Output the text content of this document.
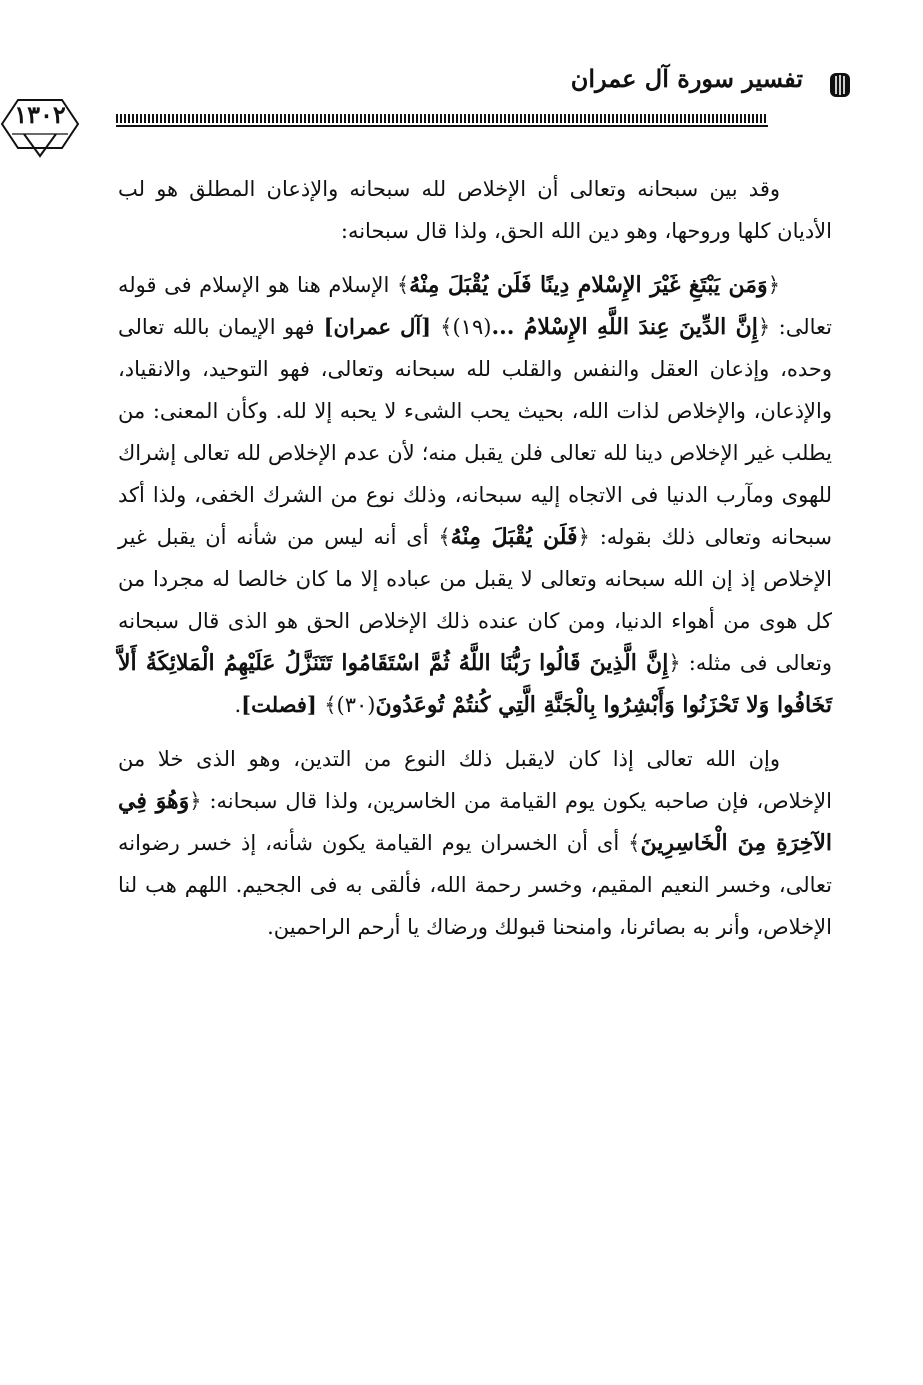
تفسير سورة آل عمران
١٣٠٢

وقد بين سبحانه وتعالى أن الإخلاص لله سبحانه والإذعان المطلق هو لب الأديان كلها وروحها، وهو دين الله الحق، ولذا قال سبحانه:

﴿وَمَن يَبْتَغِ غَيْرَ الإِسْلامِ دِينًا فَلَن يُقْبَلَ مِنْهُ﴾ الإسلام هنا هو الإسلام فى قوله تعالى: ﴿إِنَّ الدِّينَ عِندَ اللَّهِ الإِسْلامُ ...(١٩)﴾ [آل عمران] فهو الإيمان بالله تعالى وحده، وإذعان العقل والنفس والقلب لله سبحانه وتعالى، فهو التوحيد، والانقياد، والإذعان، والإخلاص لذات الله، بحيث يحب الشىء لا يحبه إلا لله. وكأن المعنى: من يطلب غير الإخلاص دينا لله تعالى فلن يقبل منه؛ لأن عدم الإخلاص لله تعالى إشراك للهوى ومآرب الدنيا فى الاتجاه إليه سبحانه، وذلك نوع من الشرك الخفى، ولذا أكد سبحانه وتعالى ذلك بقوله: ﴿فَلَن يُقْبَلَ مِنْهُ﴾ أى أنه ليس من شأنه أن يقبل غير الإخلاص إذ إن الله سبحانه وتعالى لا يقبل من عباده إلا ما كان خالصا له مجردا من كل هوى من أهواء الدنيا، ومن كان عنده ذلك الإخلاص الحق هو الذى قال سبحانه وتعالى فى مثله: ﴿إِنَّ الَّذِينَ قَالُوا رَبُّنَا اللَّهُ ثُمَّ اسْتَقَامُوا تَتَنَزَّلُ عَلَيْهِمُ الْمَلائِكَةُ أَلاَّ تَخَافُوا وَلا تَحْزَنُوا وَأَبْشِرُوا بِالْجَنَّةِ الَّتِي كُنتُمْ تُوعَدُونَ(٣٠)﴾ [فصلت].

وإن الله تعالى إذا كان لايقبل ذلك النوع من التدين، وهو الذى خلا من الإخلاص، فإن صاحبه يكون يوم القيامة من الخاسرين، ولذا قال سبحانه: ﴿وَهُوَ فِي الآخِرَةِ مِنَ الْخَاسِرِينَ﴾ أى أن الخسران يوم القيامة يكون شأنه، إذ خسر رضوانه تعالى، وخسر النعيم المقيم، وخسر رحمة الله، فألقى به فى الجحيم. اللهم هب لنا الإخلاص، وأنر به بصائرنا، وامنحنا قبولك ورضاك يا أرحم الراحمين.
